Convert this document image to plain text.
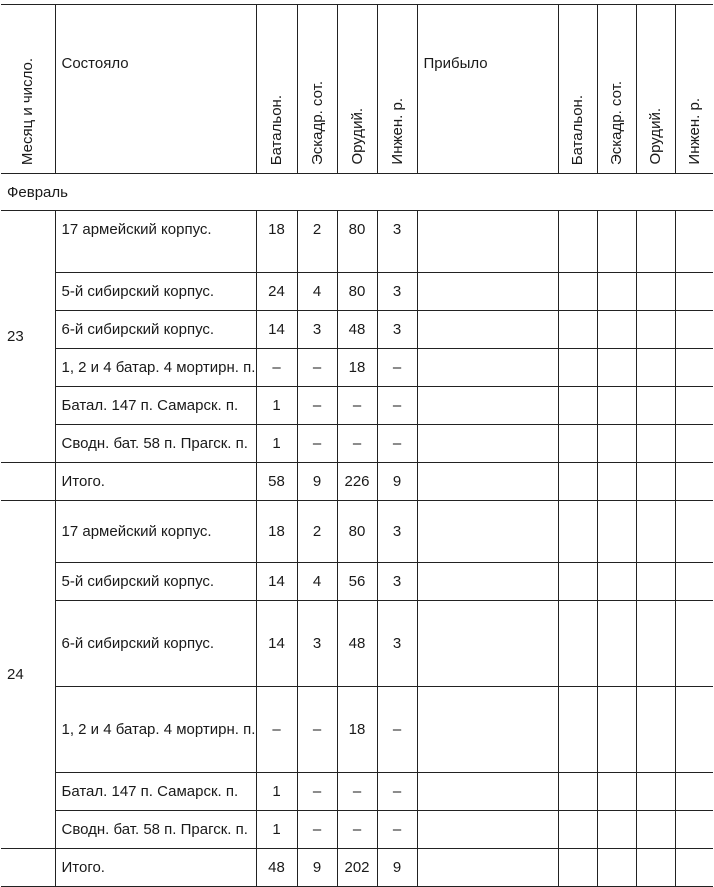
Месяц и число.	Состояло	Батальон.	Эскадр. сот.	Орудий.	Инжен. р.	Прибыло	Батальон.	Эскадр. сот.	Орудий.	Инжен. р.
Февраль										
23	17 армейский корпус.	18	2	80	3					
	5-й сибирский корпус.	24	4	80	3					
	6-й сибирский корпус.	14	3	48	3					
	1, 2 и 4 батар. 4 мортирн. п.	–	–	18	–					
	Батал. 147 п. Самарск. п.	1	–	–	–					
	Сводн. бат. 58 п. Прагск. п.	1	–	–	–					
	Итого.	58	9	226	9					
24	17 армейский корпус.	18	2	80	3					
	5-й сибирский корпус.	14	4	56	3					
	6-й сибирский корпус.	14	3	48	3					
	1, 2 и 4 батар. 4 мортирн. п.	–	–	18	–					
	Батал. 147 п. Самарск. п.	1	–	–	–					
	Сводн. бат. 58 п. Прагск. п.	1	–	–	–					
	Итого.	48	9	202	9					
